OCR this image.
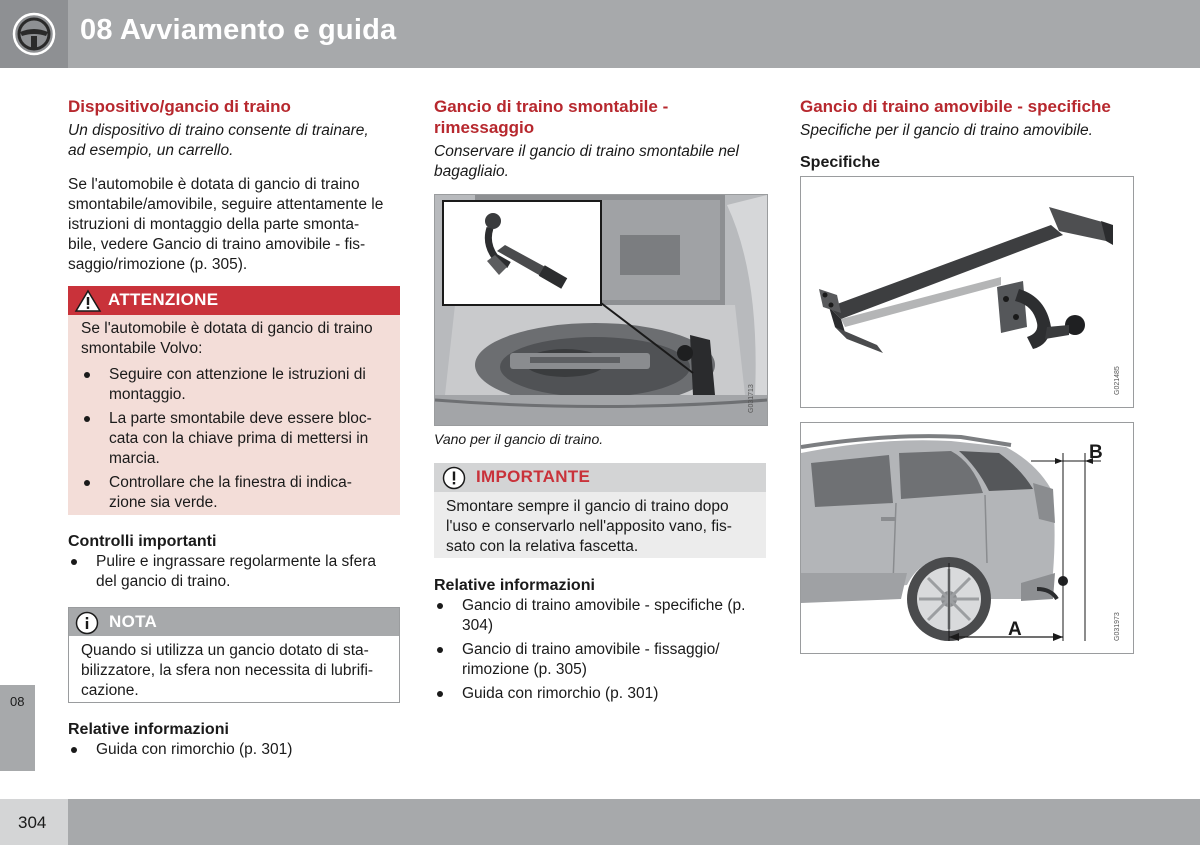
08 Avviamento e guida
08
304

Dispositivo/gancio di traino

Un dispositivo di traino consente di trainare, ad esempio, un carrello.

Se l'automobile è dotata di gancio di traino
smontabile/amovibile, seguire attentamente le
istruzioni di montaggio della parte smonta-
bile, vedere Gancio di traino amovibile - fis-
saggio/rimozione (p. 305).
ATTENZIONE
Se l'automobile è dotata di gancio di traino
smontabile Volvo:
Seguire con attenzione le istruzioni di
montaggio.
La parte smontabile deve essere bloc-
cata con la chiave prima di mettersi in
marcia.
Controllare che la finestra di indica-
zione sia verde.

Controlli importanti

Pulire e ingrassare regolarmente la sfera
del gancio di traino.
NOTA
Quando si utilizza un gancio dotato di sta-
bilizzatore, la sfera non necessita di lubrifi-
cazione.

Relative informazioni

Guida con rimorchio (p. 301)
Gancio di traino smontabile -
rimessaggio
Conservare il gancio di traino smontabile nel
bagagliaio.
G031713
Vano per il gancio di traino.
IMPORTANTE
Smontare sempre il gancio di traino dopo
l'uso e conservarlo nell'apposito vano, fis-
sato con la relativa fascetta.

Relative informazioni

Gancio di traino amovibile - specifiche (p.
304)
Gancio di traino amovibile - fissaggio/
rimozione (p. 305)
Guida con rimorchio (p. 301)

Gancio di traino amovibile - specifiche

Specifiche per il gancio di traino amovibile.

Specifiche

G021485
B
A	G031973
